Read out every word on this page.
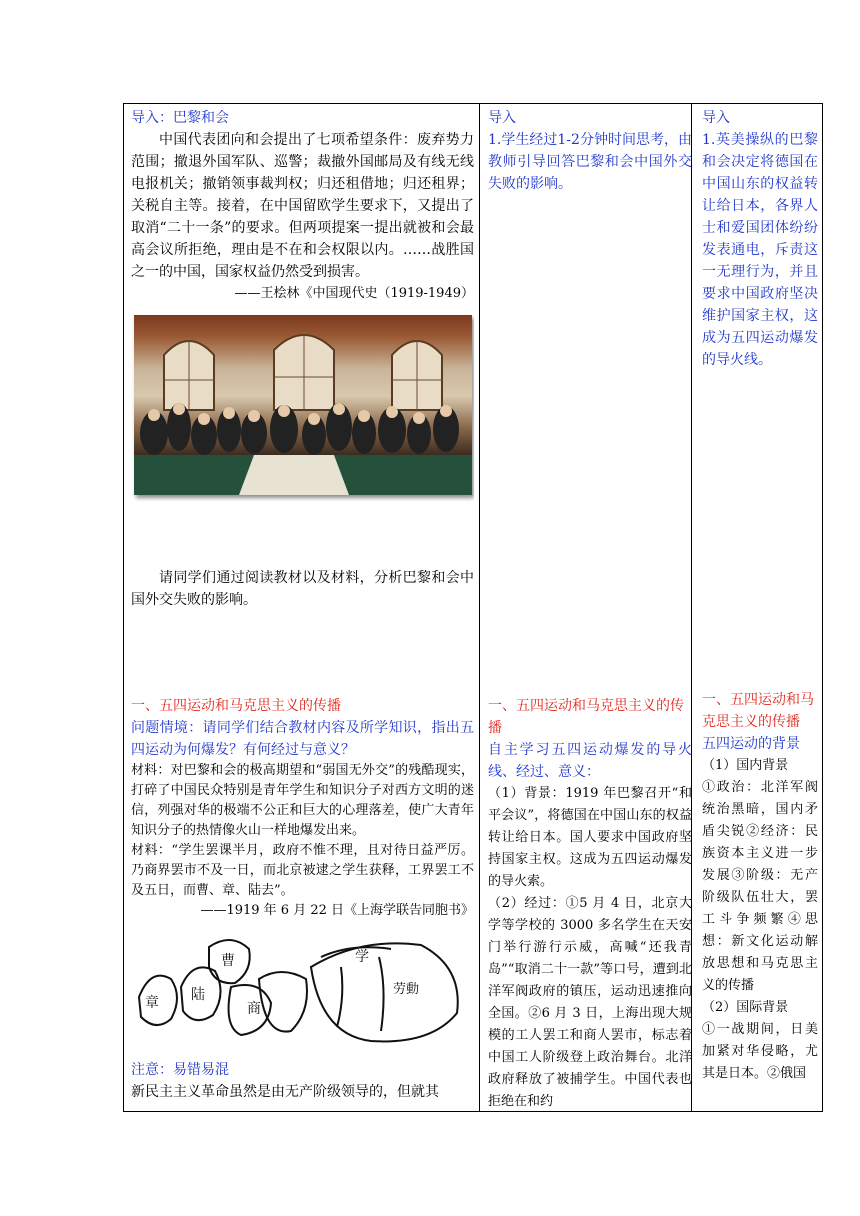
导入：巴黎和会

中国代表团向和会提出了七项希望条件：废弃势力范围；撤退外国军队、巡警；裁撤外国邮局及有线无线电报机关；撤销领事裁判权；归还租借地；归还租界；关税自主等。接着，在中国留欧学生要求下，又提出了取消“二十一条”的要求。但两项提案一提出就被和会最高会议所拒绝，理由是不在和会权限以内。……战胜国之一的中国，国家权益仍然受到损害。

——王桧林《中国现代史（1919-1949）

请同学们通过阅读教材以及材料，分析巴黎和会中国外交失败的影响。

一、五四运动和马克思主义的传播

问题情境：请同学们结合教材内容及所学知识，指出五四运动为何爆发？有何经过与意义？

材料：对巴黎和会的极高期望和“弱国无外交”的残酷现实，打碎了中国民众特别是青年学生和知识分子对西方文明的迷信，列强对华的极端不公正和巨大的心理落差，使广大青年知识分子的热情像火山一样地爆发出来。

材料：“学生罢课半月，政府不惟不理，且对待日益严厉。乃商界罢市不及一日，而北京被逮之学生获释，工界罢工不及五日，而曹、章、陆去”。

——1919 年 6 月 22 日《上海学联告同胞书》

章 陆
曹
商
学
劳動

注意：易错易混

新民主主义革命虽然是由无产阶级领导的，但就其

导入

1.学生经过1-2分钟时间思考，由教师引导回答巴黎和会中国外交失败的影响。

一、五四运动和马克思主义的传播

自主学习五四运动爆发的导火线、经过、意义：

（1）背景：1919 年巴黎召开“和平会议”，将德国在中国山东的权益转让给日本。国人要求中国政府坚持国家主权。这成为五四运动爆发的导火索。

（2）经过：①5 月 4 日，北京大学等学校的 3000 多名学生在天安门举行游行示威，高喊“还我青岛”“取消二十一款”等口号，遭到北洋军阀政府的镇压，运动迅速推向全国。②6 月 3 日，上海出现大规模的工人罢工和商人罢市，标志着中国工人阶级登上政治舞台。北洋政府释放了被捕学生。中国代表也拒绝在和约

导入

1.英美操纵的巴黎和会决定将德国在中国山东的权益转让给日本，各界人士和爱国团体纷纷发表通电，斥责这一无理行为，并且要求中国政府坚决维护国家主权，这成为五四运动爆发的导火线。

一、五四运动和马克思主义的传播

五四运动的背景

（1）国内背景

①政治：北洋军阀统治黑暗，国内矛盾尖锐②经济：民族资本主义进一步发展③阶级：无产阶级队伍壮大，罢工斗争频繁④思想：新文化运动解放思想和马克思主义的传播

（2）国际背景

①一战期间，日美加紧对华侵略，尤其是日本。②俄国
